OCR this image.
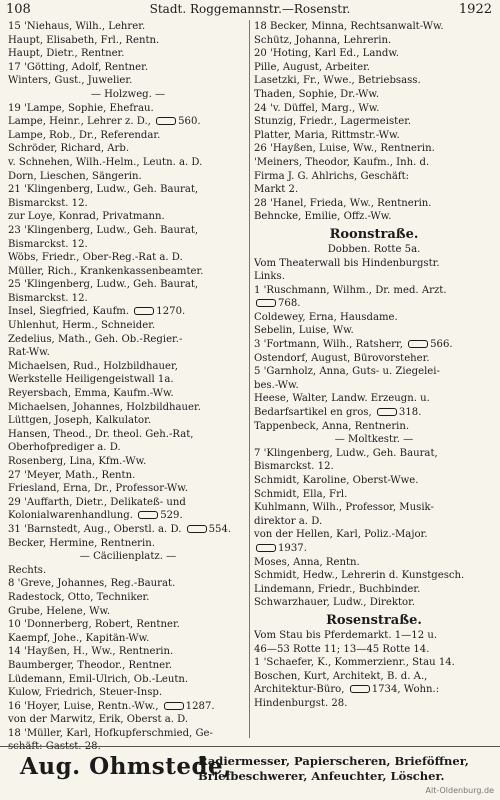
108	Stadt. Roggemannstr.—Rosenstr.	1922
15 'Niehaus, Wilh., Lehrer.
Haupt, Elisabeth, Frl., Rentn.
Haupt, Dietr., Rentner.
17 'Götting, Adolf, Rentner.
Winters, Gust., Juwelier.
— Holzweg. —
19 'Lampe, Sophie, Ehefrau.
Lampe, Heinr., Lehrer z. D., 560.
Lampe, Rob., Dr., Referendar.
Schröder, Richard, Arb.
v. Schnehen, Wilh.-Helm., Leutn. a. D.
Dorn, Lieschen, Sängerin.
21 'Klingenberg, Ludw., Geh. Baurat,
Bismarckst. 12.
zur Loye, Konrad, Privatmann.
23 'Klingenberg, Ludw., Geh. Baurat,
Bismarckst. 12.
Wöbs, Friedr., Ober-Reg.-Rat a. D.
Müller, Rich., Krankenkassenbeamter.
25 'Klingenberg, Ludw., Geh. Baurat,
Bismarckst. 12.
Insel, Siegfried, Kaufm. 1270.
Uhlenhut, Herm., Schneider.
Zedelius, Math., Geh. Ob.-Regier.-
Rat-Ww.
Michaelsen, Rud., Holzbildhauer,
Werkstelle Heiligengeistwall 1a.
Reyersbach, Emma, Kaufm.-Ww.
Michaelsen, Johannes, Holzbildhauer.
Lüttgen, Joseph, Kalkulator.
Hansen, Theod., Dr. theol. Geh.-Rat,
Oberhofprediger a. D.
Rosenberg, Lina, Kfm.-Ww.
27 'Meyer, Math., Rentn.
Friesland, Erna, Dr., Professor-Ww.
29 'Auffarth, Dietr., Delikateß- und
Kolonialwarenhandlung. 529.
31 'Barnstedt, Aug., Oberstl. a. D. 554.
Becker, Hermine, Rentnerin.
— Cäcilienplatz. —
Rechts.
8 'Greve, Johannes, Reg.-Baurat.
Radestock, Otto, Techniker.
Grube, Helene, Ww.
10 'Donnerberg, Robert, Rentner.
Kaempf, Johe., Kapitän-Ww.
14 'Hayßen, H., Ww., Rentnerin.
Baumberger, Theodor., Rentner.
Lüdemann, Emil-Ulrich, Ob.-Leutn.
Kulow, Friedrich, Steuer-Insp.
16 'Hoyer, Luise, Rentn.-Ww., 1287.
von der Marwitz, Erik, Oberst a. D.
18 'Müller, Karl, Hofkupferschmied, Ge-
schäft: Gastst. 28.
18 Becker, Minna, Rechtsanwalt-Ww.
Schütz, Johanna, Lehrerin.
20 'Hoting, Karl Ed., Landw.
Pille, August, Arbeiter.
Lasetzki, Fr., Wwe., Betriebsass.
Thaden, Sophie, Dr.-Ww.
24 'v. Düffel, Marg., Ww.
Stunzig, Friedr., Lagermeister.
Platter, Maria, Rittmstr.-Ww.
26 'Hayßen, Luise, Ww., Rentnerin.
'Meiners, Theodor, Kaufm., Inh. d.
Firma J. G. Ahlrichs, Geschäft:
Markt 2.
28 'Hanel, Frieda, Ww., Rentnerin.
Behncke, Emilie, Offz.-Ww.
Roonstraße.
Dobben. Rotte 5a.
Vom Theaterwall bis Hindenburgstr.
Links.
1 'Ruschmann, Wilhm., Dr. med. Arzt.
768.
Coldewey, Erna, Hausdame.
Sebelin, Luise, Ww.
3 'Fortmann, Wilh., Ratsherr, 566.
Ostendorf, August, Bürovorsteher.
5 'Garnholz, Anna, Guts- u. Ziegelei-
bes.-Ww.
Heese, Walter, Landw. Erzeugn. u.
Bedarfsartikel en gros, 318.
Tappenbeck, Anna, Rentnerin.
— Moltkestr. —
7 'Klingenberg, Ludw., Geh. Baurat,
Bismarckst. 12.
Schmidt, Karoline, Oberst-Wwe.
Schmidt, Ella, Frl.
Kuhlmann, Wilh., Professor, Musik-
direktor a. D.
von der Hellen, Karl, Poliz.-Major.
1937.
Moses, Anna, Rentn.
Schmidt, Hedw., Lehrerin d. Kunstgesch.
Lindemann, Friedr., Buchbinder.
Schwarzhauer, Ludw., Direktor.
Rosenstraße.
Vom Stau bis Pferdemarkt. 1—12 u.
46—53 Rotte 11; 13—45 Rotte 14.
1 'Schaefer, K., Kommerzienr., Stau 14.
Boschen, Kurt, Architekt, B. d. A.,
Architektur-Büro, 1734, Wohn.:
Hindenburgst. 28.
Aug. Ohmstede,
Radiermesser, Papierscheren, Brieföffner,
Briefbeschwerer, Anfeuchter, Löscher.
Alt-Oldenburg.de
